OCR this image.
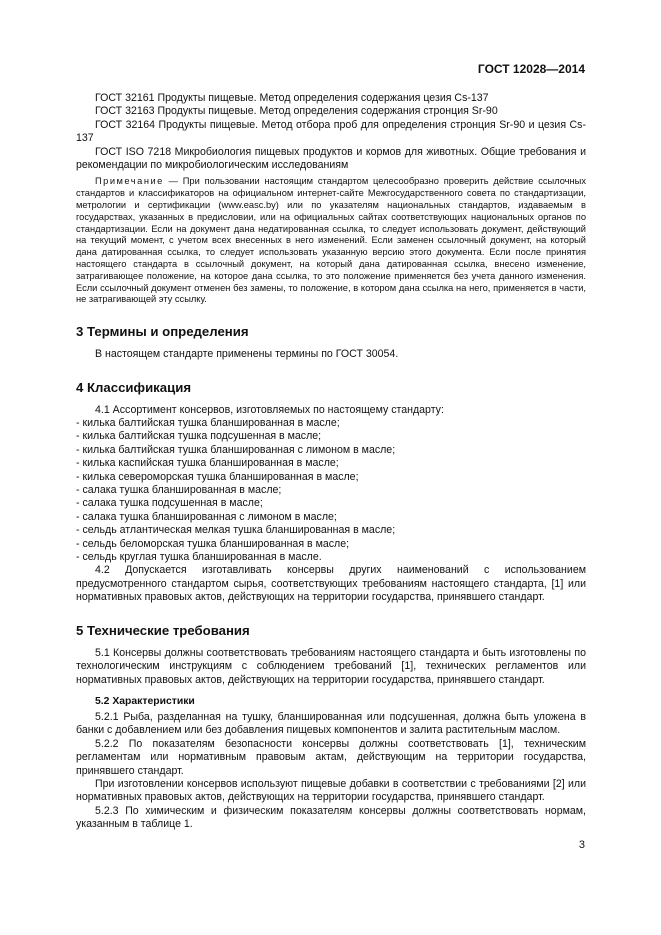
ГОСТ 12028—2014

ГОСТ 32161 Продукты пищевые. Метод определения содержания цезия Cs-137

ГОСТ 32163 Продукты пищевые. Метод определения содержания стронция Sr-90

ГОСТ 32164 Продукты пищевые. Метод отбора проб для определения стронция Sr-90 и цезия Cs-137

ГОСТ ISO 7218 Микробиология пищевых продуктов и кормов для животных. Общие требования и рекомендации по микробиологическим исследованиям

Примечание — При пользовании настоящим стандартом целесообразно проверить действие ссылочных стандартов и классификаторов на официальном интернет-сайте Межгосударственного совета по стандартизации, метрологии и сертификации (www.easc.by) или по указателям национальных стандартов, издаваемым в государствах, указанных в предисловии, или на официальных сайтах соответствующих национальных органов по стандартизации. Если на документ дана недатированная ссылка, то следует использовать документ, действующий на текущий момент, с учетом всех внесенных в него изменений. Если заменен ссылочный документ, на который дана датированная ссылка, то следует использовать указанную версию этого документа. Если после принятия настоящего стандарта в ссылочный документ, на который дана датированная ссылка, внесено изменение, затрагивающее положение, на которое дана ссылка, то это положение применяется без учета данного изменения. Если ссылочный документ отменен без замены, то положение, в котором дана ссылка на него, применяется в части, не затрагивающей эту ссылку.

3 Термины и определения

В настоящем стандарте применены термины по ГОСТ 30054.

4 Классификация

4.1 Ассортимент консервов, изготовляемых по настоящему стандарту:

- килька балтийская тушка бланшированная в масле;
- килька балтийская тушка подсушенная в масле;
- килька балтийская тушка бланшированная с лимоном в масле;
- килька каспийская тушка бланшированная в масле;
- килька североморская тушка бланшированная в масле;
- салака тушка бланшированная в масле;
- салака тушка подсушенная в масле;
- салака тушка бланшированная с лимоном в масле;
- сельдь атлантическая мелкая тушка бланшированная в масле;
- сельдь беломорская тушка бланшированная в масле;
- сельдь круглая тушка бланшированная в масле.

4.2 Допускается изготавливать консервы других наименований с использованием предусмотренного стандартом сырья, соответствующих требованиям настоящего стандарта, [1] или нормативных правовых актов, действующих на территории государства, принявшего стандарт.

5 Технические требования

5.1 Консервы должны соответствовать требованиям настоящего стандарта и быть изготовлены по технологическим инструкциям с соблюдением требований [1], технических регламентов или нормативных правовых актов, действующих на территории государства, принявшего стандарт.

5.2 Характеристики

5.2.1 Рыба, разделанная на тушку, бланшированная или подсушенная, должна быть уложена в банки с добавлением или без добавления пищевых компонентов и залита растительным маслом.

5.2.2 По показателям безопасности консервы должны соответствовать [1], техническим регламентам или нормативным правовым актам, действующим на территории государства, принявшего стандарт.

При изготовлении консервов используют пищевые добавки в соответствии с требованиями [2] или нормативных правовых актов, действующих на территории государства, принявшего стандарт.

5.2.3 По химическим и физическим показателям консервы должны соответствовать нормам, указанным в таблице 1.

3
